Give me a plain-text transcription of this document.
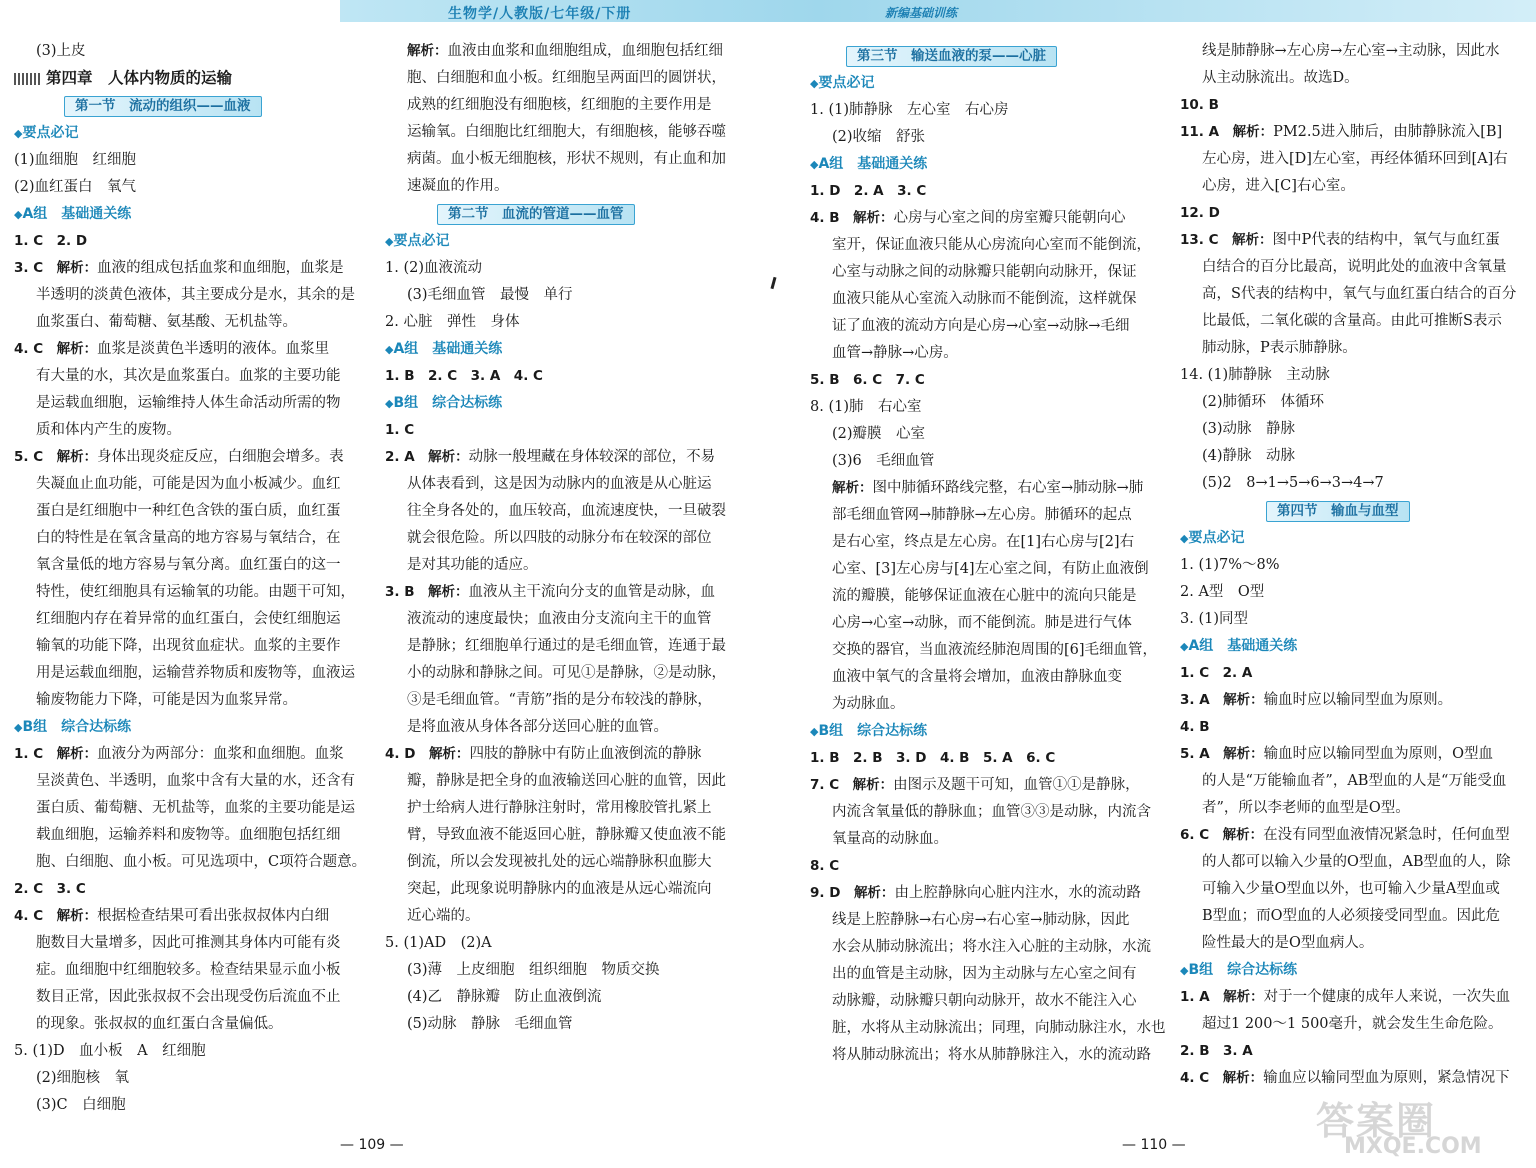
生物学/人教版/七年级/下册	新编基础训练

(3)上皮

第四章　人体内物质的运输

第一节　流动的组织——血液

◆要点必记

(1)血细胞　红细胞

(2)血红蛋白　氧气

◆A组　基础通关练

1. C　2. D

3. C　解析：血液的组成包括血浆和血细胞，血浆是

半透明的淡黄色液体，其主要成分是水，其余的是

血浆蛋白、葡萄糖、氨基酸、无机盐等。

4. C　解析：血浆是淡黄色半透明的液体。血浆里

有大量的水，其次是血浆蛋白。血浆的主要功能

是运载血细胞，运输维持人体生命活动所需的物

质和体内产生的废物。

5. C　解析：身体出现炎症反应，白细胞会增多。表

失凝血止血功能，可能是因为血小板减少。血红

蛋白是红细胞中一种红色含铁的蛋白质，血红蛋

白的特性是在氧含量高的地方容易与氧结合，在

氧含量低的地方容易与氧分离。血红蛋白的这一

特性，使红细胞具有运输氧的功能。由题干可知，

红细胞内存在着异常的血红蛋白，会使红细胞运

输氧的功能下降，出现贫血症状。血浆的主要作

用是运载血细胞，运输营养物质和废物等，血液运

输废物能力下降，可能是因为血浆异常。

◆B组　综合达标练

1. C　解析：血液分为两部分：血浆和血细胞。血浆

呈淡黄色、半透明，血浆中含有大量的水，还含有

蛋白质、葡萄糖、无机盐等，血浆的主要功能是运

载血细胞，运输养料和废物等。血细胞包括红细

胞、白细胞、血小板。可见选项中，C项符合题意。

2. C　3. C

4. C　解析：根据检查结果可看出张叔叔体内白细

胞数目大量增多，因此可推测其身体内可能有炎

症。血细胞中红细胞较多。检查结果显示血小板

数目正常，因此张叔叔不会出现受伤后流血不止

的现象。张叔叔的血红蛋白含量偏低。

5. (1)D　血小板　A　红细胞

(2)细胞核　氧

(3)C　白细胞

解析：血液由血浆和血细胞组成，血细胞包括红细

胞、白细胞和血小板。红细胞呈两面凹的圆饼状，

成熟的红细胞没有细胞核，红细胞的主要作用是

运输氧。白细胞比红细胞大，有细胞核，能够吞噬

病菌。血小板无细胞核，形状不规则，有止血和加

速凝血的作用。

第二节　血流的管道——血管

◆要点必记

1. (2)血液流动

(3)毛细血管　最慢　单行

2. 心脏　弹性　身体

◆A组　基础通关练

1. B　2. C　3. A　4. C

◆B组　综合达标练

1. C

2. A　解析：动脉一般埋藏在身体较深的部位，不易

从体表看到，这是因为动脉内的血液是从心脏运

往全身各处的，血压较高，血流速度快，一旦破裂

就会很危险。所以四肢的动脉分布在较深的部位

是对其功能的适应。

3. B　解析：血液从主干流向分支的血管是动脉，血

液流动的速度最快；血液由分支流向主干的血管

是静脉；红细胞单行通过的是毛细血管，连通于最

小的动脉和静脉之间。可见①是静脉，②是动脉，

③是毛细血管。“青筋”指的是分布较浅的静脉，

是将血液从身体各部分送回心脏的血管。

4. D　解析：四肢的静脉中有防止血液倒流的静脉

瓣，静脉是把全身的血液输送回心脏的血管，因此

护士给病人进行静脉注射时，常用橡胶管扎紧上

臂，导致血液不能返回心脏，静脉瓣又使血液不能

倒流，所以会发现被扎处的远心端静脉积血膨大

突起，此现象说明静脉内的血液是从远心端流向

近心端的。

5. (1)AD　(2)A

(3)薄　上皮细胞　组织细胞　物质交换

(4)乙　静脉瓣　防止血液倒流

(5)动脉　静脉　毛细血管

第三节　输送血液的泵——心脏

◆要点必记

1. (1)肺静脉　左心室　右心房

(2)收缩　舒张

◆A组　基础通关练

1. D　2. A　3. C

4. B　解析：心房与心室之间的房室瓣只能朝向心

室开，保证血液只能从心房流向心室而不能倒流，

心室与动脉之间的动脉瓣只能朝向动脉开，保证

血液只能从心室流入动脉而不能倒流，这样就保

证了血液的流动方向是心房→心室→动脉→毛细

血管→静脉→心房。

5. B　6. C　7. C

8. (1)肺　右心室

(2)瓣膜　心室

(3)6　毛细血管

解析：图中肺循环路线完整，右心室→肺动脉→肺

部毛细血管网→肺静脉→左心房。肺循环的起点

是右心室，终点是左心房。在[1]右心房与[2]右

心室、[3]左心房与[4]左心室之间，有防止血液倒

流的瓣膜，能够保证血液在心脏中的流向只能是

心房→心室→动脉，而不能倒流。肺是进行气体

交换的器官，当血液流经肺泡周围的[6]毛细血管，

血液中氧气的含量将会增加，血液由静脉血变

为动脉血。

◆B组　综合达标练

1. B　2. B　3. D　4. B　5. A　6. C

7. C　解析：由图示及题干可知，血管①①是静脉，

内流含氧量低的静脉血；血管③③是动脉，内流含

氧量高的动脉血。

8. C

9. D　解析：由上腔静脉向心脏内注水，水的流动路

线是上腔静脉→右心房→右心室→肺动脉，因此

水会从肺动脉流出；将水注入心脏的主动脉，水流

出的血管是主动脉，因为主动脉与左心室之间有

动脉瓣，动脉瓣只朝向动脉开，故水不能注入心

脏，水将从主动脉流出；同理，向肺动脉注水，水也

将从肺动脉流出；将水从肺静脉注入，水的流动路

线是肺静脉→左心房→左心室→主动脉，因此水

从主动脉流出。故选D。

10. B

11. A　解析：PM2.5进入肺后，由肺静脉流入[B]

左心房，进入[D]左心室，再经体循环回到[A]右

心房，进入[C]右心室。

12. D

13. C　解析：图中P代表的结构中，氧气与血红蛋

白结合的百分比最高，说明此处的血液中含氧量

高，S代表的结构中，氧气与血红蛋白结合的百分

比最低，二氧化碳的含量高。由此可推断S表示

肺动脉，P表示肺静脉。

14. (1)肺静脉　主动脉

(2)肺循环　体循环

(3)动脉　静脉

(4)静脉　动脉

(5)2　8→1→5→6→3→4→7

第四节　输血与血型

◆要点必记

1. (1)7%～8%

2. A型　O型

3. (1)同型

◆A组　基础通关练

1. C　2. A

3. A　解析：输血时应以输同型血为原则。

4. B

5. A　解析：输血时应以输同型血为原则，O型血

的人是“万能输血者”，AB型血的人是“万能受血

者”，所以李老师的血型是O型。

6. C　解析：在没有同型血液情况紧急时，任何血型

的人都可以输入少量的O型血，AB型血的人，除

可输入少量O型血以外，也可输入少量A型血或

B型血；而O型血的人必须接受同型血。因此危

险性最大的是O型血病人。

◆B组　综合达标练

1. A　解析：对于一个健康的成年人来说，一次失血

超过1 200～1 500毫升，就会发生生命危险。

2. B　3. A

4. C　解析：输血应以输同型血为原则，紧急情况下

— 109 —	— 110 —
答案圈
MXQE.COM
